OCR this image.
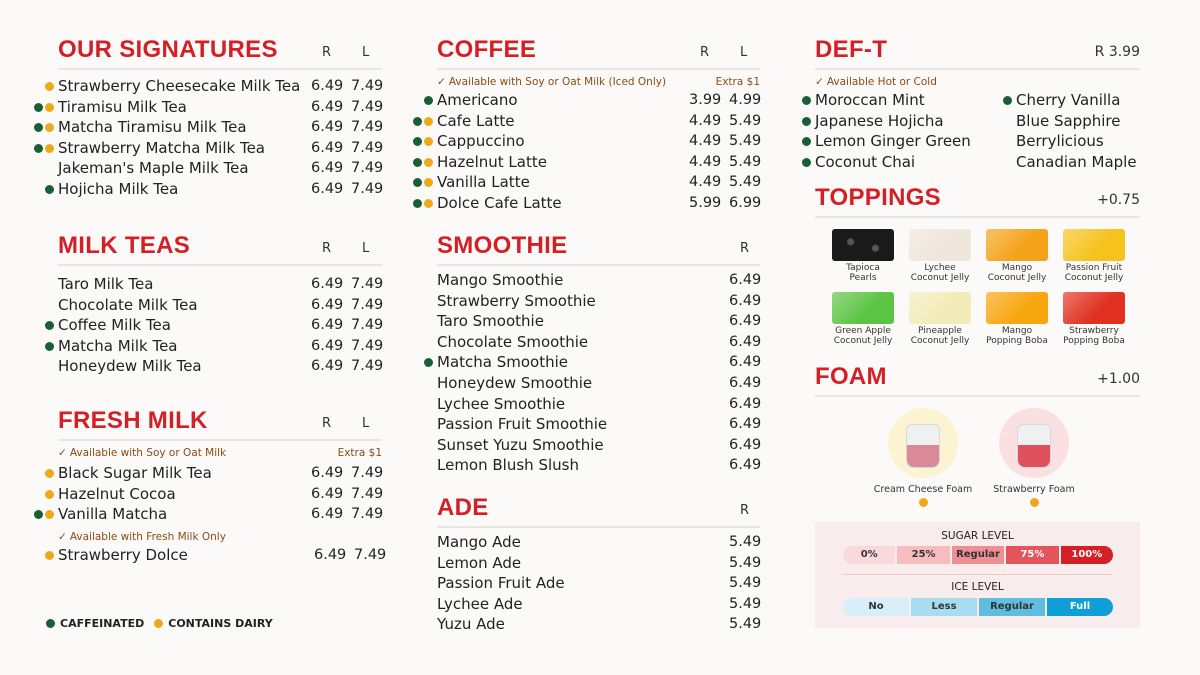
OUR SIGNATURES	R L
Strawberry Cheesecake Milk Tea 6.49 7.49
Tiramisu Milk Tea	6.49 7.49
Matcha Tiramisu Milk Tea	6.49 7.49
Strawberry Matcha Milk Tea	6.49 7.49
Jakeman's Maple Milk Tea	6.49 7.49
Hojicha Milk Tea	6.49 7.49
MILK TEAS	R L
Taro Milk Tea	6.49 7.49
Chocolate Milk Tea	6.49 7.49
Coffee Milk Tea	6.49 7.49
Matcha Milk Tea	6.49 7.49
Honeydew Milk Tea	6.49 7.49
FRESH MILK	R L
✓ Available with Soy or Oat Milk	Extra $1
Black Sugar Milk Tea	6.49 7.49
Hazelnut Cocoa	6.49 7.49
Vanilla Matcha	6.49 7.49
✓ Available with Fresh Milk Only
Strawberry Dolce	6.49 7.49
CAFFEINATED CONTAINS DAIRY
COFFEE	R L
✓ Available with Soy or Oat Milk (Iced Only)	Extra $1
Americano	3.99 4.99
Cafe Latte	4.49 5.49
Cappuccino	4.49 5.49
Hazelnut Latte	4.49 5.49
Vanilla Latte	4.49 5.49
Dolce Cafe Latte	5.99 6.99
SMOOTHIE	R
Mango Smoothie	6.49
Strawberry Smoothie	6.49
Taro Smoothie	6.49
Chocolate Smoothie	6.49
Matcha Smoothie	6.49
Honeydew Smoothie	6.49
Lychee Smoothie	6.49
Passion Fruit Smoothie	6.49
Sunset Yuzu Smoothie	6.49
Lemon Blush Slush	6.49
ADE	R
Mango Ade	5.49
Lemon Ade	5.49
Passion Fruit Ade	5.49
Lychee Ade	5.49
Yuzu Ade	5.49
DEF-T	R 3.99
✓ Available Hot or Cold
Moroccan Mint
Japanese Hojicha
Lemon Ginger Green
Coconut Chai
Cherry Vanilla
Blue Sapphire
Berrylicious
Canadian Maple
TOPPINGS	+0.75
Tapioca
Pearls
Lychee
Coconut Jelly
Mango
Coconut Jelly
Passion Fruit
Coconut Jelly
Green Apple
Coconut Jelly
Pineapple
Coconut Jelly
Mango
Popping Boba
Strawberry
Popping Boba
FOAM	+1.00
Cream Cheese Foam	Strawberry Foam
SUGAR LEVEL
0%	25%	Regular	75%	100%
ICE LEVEL
No	Less	Regular	Full
